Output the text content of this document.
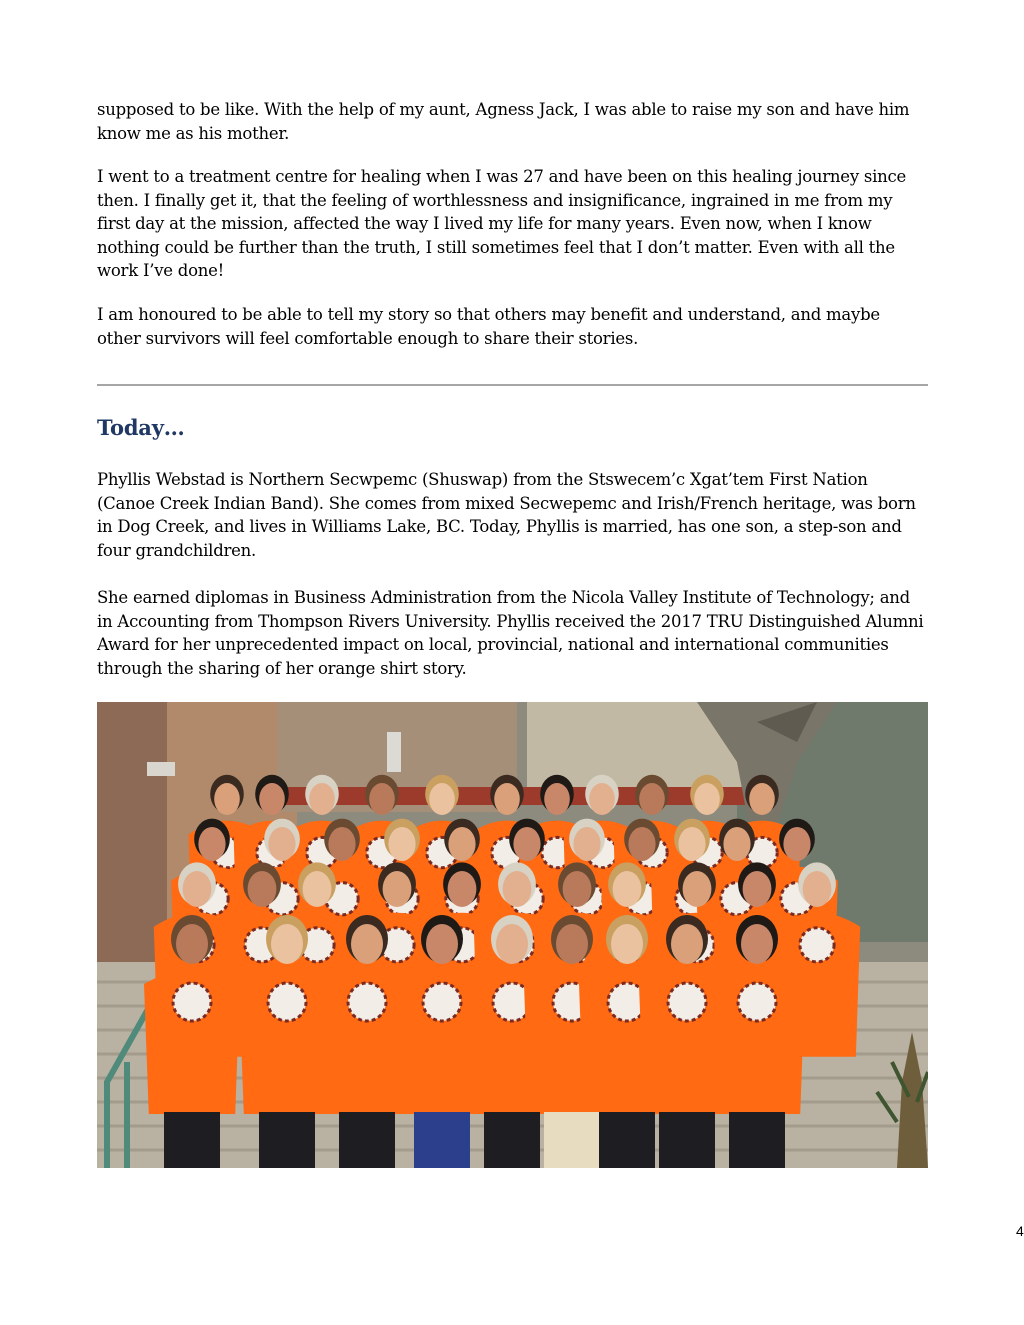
supposed to be like. With the help of my aunt, Agness Jack, I was able to raise my son and have him know me as his mother.

I went to a treatment centre for healing when I was 27 and have been on this healing journey since then. I finally get it, that the feeling of worthlessness and insignificance, ingrained in me from my first day at the mission, affected the way I lived my life for many years. Even now, when I know nothing could be further than the truth, I still sometimes feel that I don’t matter. Even with all the work I’ve done!

I am honoured to be able to tell my story so that others may benefit and understand, and maybe other survivors will feel comfortable enough to share their stories.

Today…

Phyllis Webstad is Northern Secwpemc (Shuswap) from the Stswecem’c Xgat’tem First Nation (Canoe Creek Indian Band). She comes from mixed Secwepemc and Irish/French heritage, was born in Dog Creek, and lives in Williams Lake, BC. Today, Phyllis is married, has one son, a step-son and four grandchildren.

She earned diplomas in Business Administration from the Nicola Valley Institute of Technology; and in Accounting from Thompson Rivers University. Phyllis received the 2017 TRU Distinguished Alumni Award for her unprecedented impact on local, provincial, national and international communities through the sharing of her orange shirt story.

4
